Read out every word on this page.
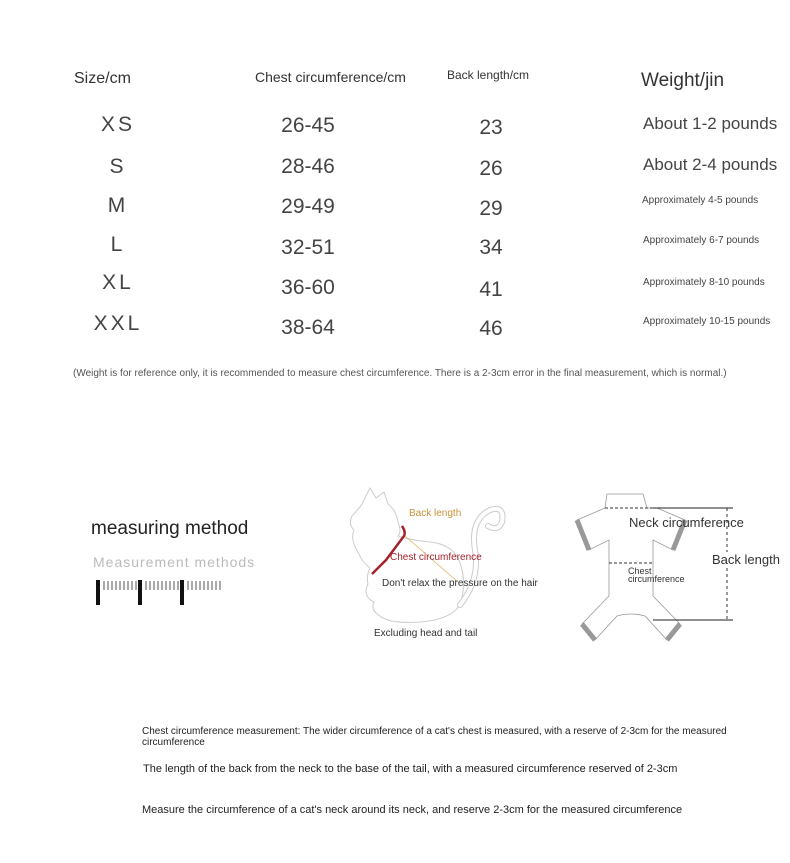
Size/cm	Chest circumference/cm	Back length/cm	Weight/jin
XS	26-45	23	About 1-2 pounds
S	28-46	26	About 2-4 pounds
M	29-49	29	Approximately 4-5 pounds
L	32-51	34	Approximately 6-7 pounds
XL	36-60	41	Approximately 8-10 pounds
XXL	38-64	46	Approximately 10-15 pounds
(Weight is for reference only, it is recommended to measure chest circumference. There is a 2-3cm error in the final measurement, which is normal.)
measuring method
Measurement methods
Back length
Chest circumference
Don't relax the pressure on the hair
Excluding head and tail
Neck circumference
Back length
Chest
circumference
Chest circumference measurement: The wider circumference of a cat's chest is measured, with a reserve of 2-3cm for the measured circumference
The length of the back from the neck to the base of the tail, with a measured circumference reserved of 2-3cm
Measure the circumference of a cat's neck around its neck, and reserve 2-3cm for the measured circumference
